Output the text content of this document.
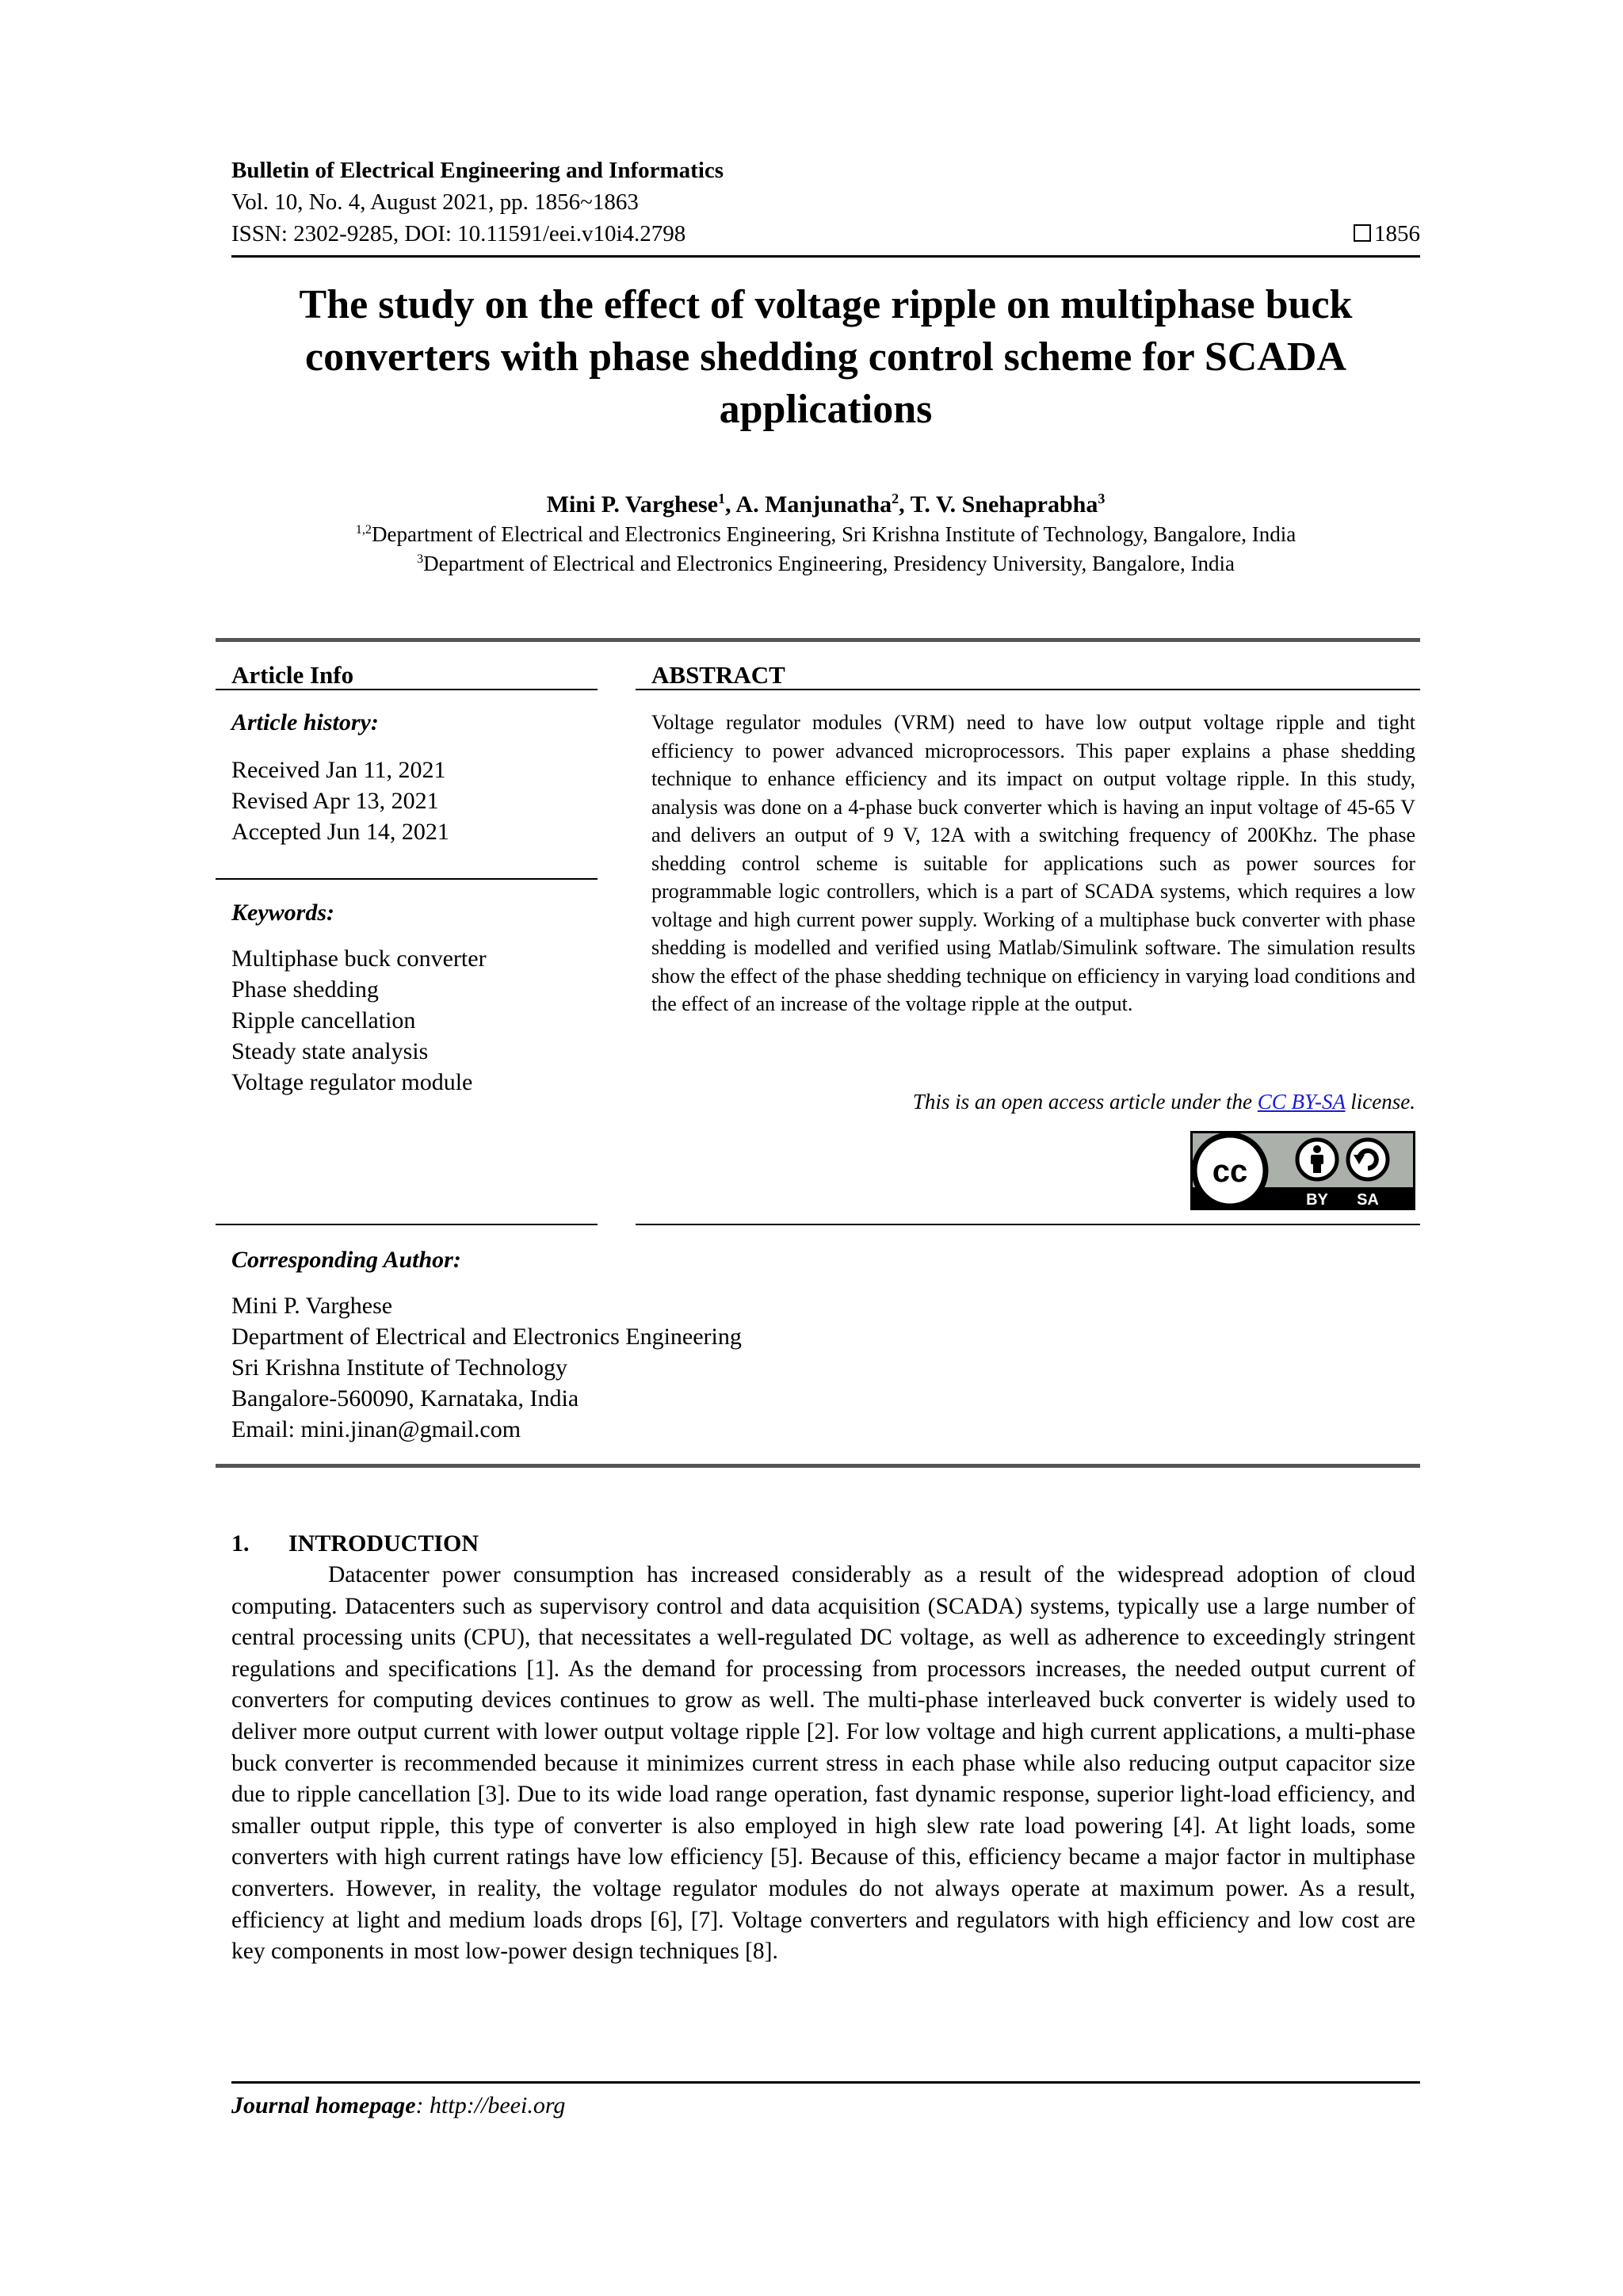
Bulletin of Electrical Engineering and Informatics
Vol. 10, No. 4, August 2021, pp. 1856~1863
ISSN: 2302-9285, DOI: 10.11591/eei.v10i4.2798	1856
The study on the effect of voltage ripple on multiphase buck converters with phase shedding control scheme for SCADA applications
Mini P. Varghese$^1$, A. Manjunatha$^2$, T. V. Snehaprabha$^3$
$^{1,2}$Department of Electrical and Electronics Engineering, Sri Krishna Institute of Technology, Bangalore, India
$^3$Department of Electrical and Electronics Engineering, Presidency University, Bangalore, India
Article Info
Article history:
Received Jan 11, 2021
Revised Apr 13, 2021
Accepted Jun 14, 2021
Keywords:
Multiphase buck converter
Phase shedding
Ripple cancellation
Steady state analysis
Voltage regulator module
ABSTRACT
Voltage regulator modules (VRM) need to have low output voltage ripple and tight efficiency to power advanced microprocessors. This paper explains a phase shedding technique to enhance efficiency and its impact on output voltage ripple. In this study, analysis was done on a 4-phase buck converter which is having an input voltage of 45-65 V and delivers an output of 9 V, 12A with a switching frequency of 200Khz. The phase shedding control scheme is suitable for applications such as power sources for programmable logic controllers, which is a part of SCADA systems, which requires a low voltage and high current power supply. Working of a multiphase buck converter with phase shedding is modelled and verified using Matlab/Simulink software. The simulation results show the effect of the phase shedding technique on efficiency in varying load conditions and the effect of an increase of the voltage ripple at the output.
This is an open access article under the CC BY-SA license.
cc
BY SA
Corresponding Author:
Mini P. Varghese
Department of Electrical and Electronics Engineering
Sri Krishna Institute of Technology
Bangalore-560090, Karnataka, India
Email: mini.jinan@gmail.com
1. INTRODUCTION
Datacenter power consumption has increased considerably as a result of the widespread adoption of cloud computing. Datacenters such as supervisory control and data acquisition (SCADA) systems, typically use a large number of central processing units (CPU), that necessitates a well-regulated DC voltage, as well as adherence to exceedingly stringent regulations and specifications [1]. As the demand for processing from processors increases, the needed output current of converters for computing devices continues to grow as well. The multi-phase interleaved buck converter is widely used to deliver more output current with lower output voltage ripple [2]. For low voltage and high current applications, a multi-phase buck converter is recommended because it minimizes current stress in each phase while also reducing output capacitor size due to ripple cancellation [3]. Due to its wide load range operation, fast dynamic response, superior light-load efficiency, and smaller output ripple, this type of converter is also employed in high slew rate load powering [4]. At light loads, some converters with high current ratings have low efficiency [5]. Because of this, efficiency became a major factor in multiphase converters. However, in reality, the voltage regulator modules do not always operate at maximum power. As a result, efficiency at light and medium loads drops [6], [7]. Voltage converters and regulators with high efficiency and low cost are key components in most low-power design techniques [8].
Journal homepage: http://beei.org
